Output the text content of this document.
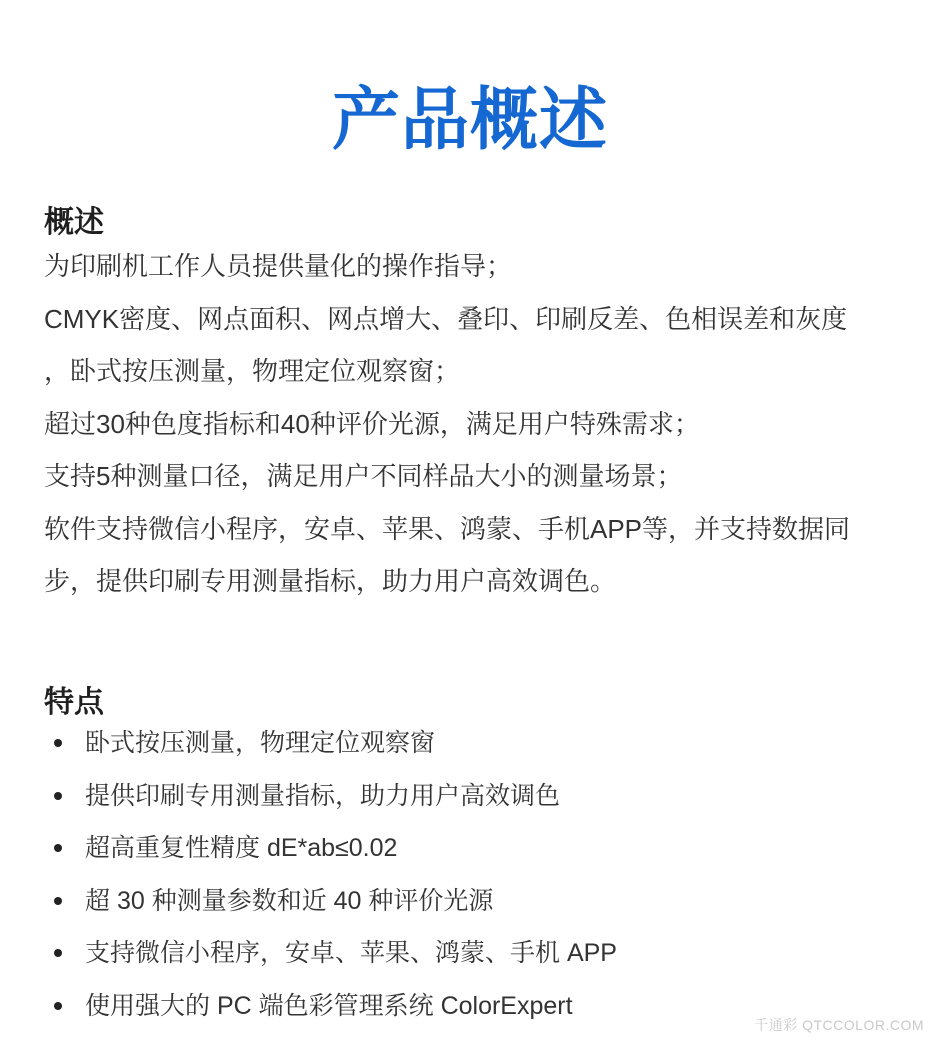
产品概述
概述
为印刷机工作人员提供量化的操作指导；
CMYK密度、网点面积、网点增大、叠印、印刷反差、色相误差和灰度
，卧式按压测量，物理定位观察窗；
超过30种色度指标和40种评价光源，满足用户特殊需求；
支持5种测量口径，满足用户不同样品大小的测量场景；
软件支持微信小程序，安卓、苹果、鸿蒙、手机APP等，并支持数据同
步，提供印刷专用测量指标，助力用户高效调色。
特点
卧式按压测量，物理定位观察窗
提供印刷专用测量指标，助力用户高效调色
超高重复性精度 dE*ab≤0.02
超 30 种测量参数和近 40 种评价光源
支持微信小程序，安卓、苹果、鸿蒙、手机 APP
使用强大的 PC 端色彩管理系统 ColorExpert
千通彩 QTCCOLOR.COM
